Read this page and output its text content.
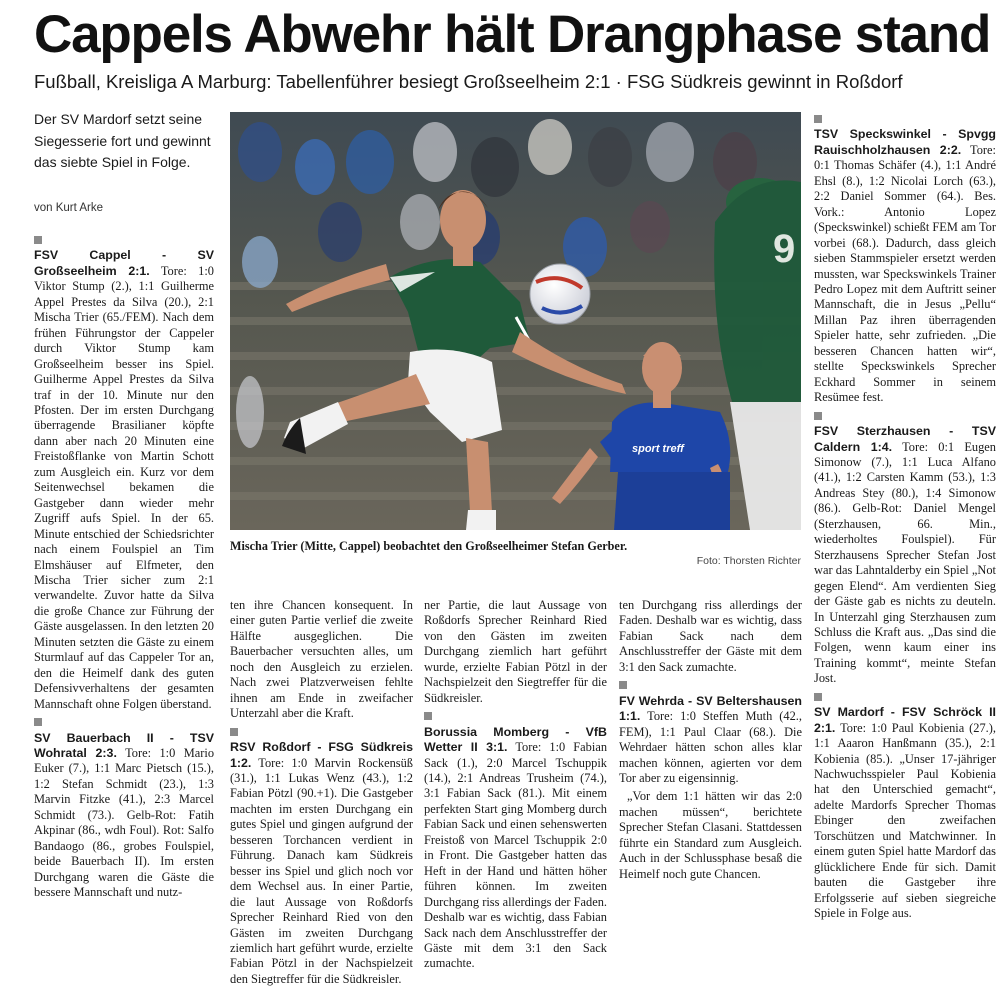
Cappels Abwehr hält Drangphase stand
Fußball, Kreisliga A Marburg: Tabellenführer besiegt Großseelheim 2:1 · FSG Südkreis gewinnt in Roßdorf
Der SV Mardorf setzt seine Siegesserie fort und gewinnt das siebte Spiel in Folge.
von Kurt Arke

FSV Cappel - SV Großseelheim 2:1. Tore: 1:0 Viktor Stump (2.), 1:1 Guilherme Appel Prestes da Silva (20.), 2:1 Mischa Trier (65./FEM). Nach dem frühen Führungstor der Cappeler durch Viktor Stump kam Großseelheim besser ins Spiel. Guilherme Appel Prestes da Silva traf in der 10. Minute nur den Pfosten. Der im ersten Durchgang überragende Brasilianer köpfte dann aber nach 20 Minuten eine Freistoßflanke von Martin Schott zum Ausgleich ein. Kurz vor dem Seitenwechsel bekamen die Gastgeber dann wieder mehr Zugriff aufs Spiel. In der 65. Minute entschied der Schiedsrichter nach einem Foulspiel an Tim Elmshäuser auf Elfmeter, den Mischa Trier sicher zum 2:1 verwandelte. Zuvor hatte da Silva die große Chance zur Führung der Gäste ausgelassen. In den letzten 20 Minuten setzten die Gäste zu einem Sturmlauf auf das Cappeler Tor an, den die Heimelf dank des guten Defensivverhaltens der gesamten Mannschaft ohne Folgen überstand.

SV Bauerbach II - TSV Wohratal 2:3. Tore: 1:0 Mario Euker (7.), 1:1 Marc Pietsch (15.), 1:2 Stefan Schmidt (23.), 1:3 Marvin Fitzke (41.), 2:3 Marcel Schmidt (73.). Gelb-Rot: Fatih Akpinar (86., wdh Foul). Rot: Salfo Bandaogo (86., grobes Foulspiel, beide Bauerbach II). Im ersten Durchgang waren die Gäste die bessere Mannschaft und nutz-

9
sport treff
Mischa Trier (Mitte, Cappel) beobachtet den Großseelheimer Stefan Gerber.
Foto: Thorsten Richter

ten ihre Chancen konsequent. In einer guten Partie verlief die zweite Hälfte ausgeglichen. Die Bauerbacher versuchten alles, um noch den Ausgleich zu erzielen. Nach zwei Platzverweisen fehlte ihnen am Ende in zweifacher Unterzahl aber die Kraft.

RSV Roßdorf - FSG Südkreis 1:2. Tore: 1:0 Marvin Rockensüß (31.), 1:1 Lukas Wenz (43.), 1:2 Fabian Pötzl (90.+1). Die Gastgeber machten im ersten Durchgang ein gutes Spiel und gingen aufgrund der besseren Torchancen verdient in Führung. Danach kam Südkreis besser ins Spiel und glich noch vor dem Wechsel aus. In einer Partie, die laut Aussage von Roßdorfs Sprecher Reinhard Ried von den Gästen im zweiten Durchgang ziemlich hart geführt wurde, erzielte Fabian Pötzl in der Nachspielzeit den Siegtreffer für die Südkreisler.

ner Partie, die laut Aussage von Roßdorfs Sprecher Reinhard Ried von den Gästen im zweiten Durchgang ziemlich hart geführt wurde, erzielte Fabian Pötzl in der Nachspielzeit den Siegtreffer für die Südkreisler.

Borussia Momberg - VfB Wetter II 3:1. Tore: 1:0 Fabian Sack (1.), 2:0 Marcel Tschuppik (14.), 2:1 Andreas Trusheim (74.), 3:1 Fabian Sack (81.). Mit einem perfekten Start ging Momberg durch Fabian Sack und einen sehenswerten Freistoß von Marcel Tschuppik 2:0 in Front. Die Gastgeber hatten das Heft in der Hand und hätten höher führen können. Im zweiten Durchgang riss allerdings der Faden. Deshalb war es wichtig, dass Fabian Sack nach dem Anschlusstreffer der Gäste mit dem 3:1 den Sack zumachte.

ten Durchgang riss allerdings der Faden. Deshalb war es wichtig, dass Fabian Sack nach dem Anschlusstreffer der Gäste mit dem 3:1 den Sack zumachte.

FV Wehrda - SV Beltershausen 1:1. Tore: 1:0 Steffen Muth (42., FEM), 1:1 Paul Claar (68.). Die Wehrdaer hätten schon alles klar machen können, agierten vor dem Tor aber zu eigensinnig.

„Vor dem 1:1 hätten wir das 2:0 machen müssen“, berichtete Sprecher Stefan Clasani. Stattdessen führte ein Standard zum Ausgleich. Auch in der Schlussphase besaß die Heimelf noch gute Chancen.

TSV Speckswinkel - Spvgg Rauischholzhausen 2:2. Tore: 0:1 Thomas Schäfer (4.), 1:1 André Ehsl (8.), 1:2 Nicolai Lorch (63.), 2:2 Daniel Sommer (64.). Bes. Vork.: Antonio Lopez (Speckswinkel) schießt FEM am Tor vorbei (68.). Dadurch, dass gleich sieben Stammspieler ersetzt werden mussten, war Speckswinkels Trainer Pedro Lopez mit dem Auftritt seiner Mannschaft, die in Jesus „Pellu“ Millan Paz ihren überragenden Spieler hatte, sehr zufrieden. „Die besseren Chancen hatten wir“, stellte Speckswinkels Sprecher Eckhard Sommer in seinem Resümee fest.

FSV Sterzhausen - TSV Caldern 1:4. Tore: 0:1 Eugen Simonow (7.), 1:1 Luca Alfano (41.), 1:2 Carsten Kamm (53.), 1:3 Andreas Stey (80.), 1:4 Simonow (86.). Gelb-Rot: Daniel Mengel (Sterzhausen, 66. Min., wiederholtes Foulspiel). Für Sterzhausens Sprecher Stefan Jost war das Lahntalderby ein Spiel „Not gegen Elend“. Am verdienten Sieg der Gäste gab es nichts zu deuteln. In Unterzahl ging Sterzhausen zum Schluss die Kraft aus. „Das sind die Folgen, wenn kaum einer ins Training kommt“, meinte Stefan Jost.

SV Mardorf - FSV Schröck II 2:1. Tore: 1:0 Paul Kobienia (27.), 1:1 Aaaron Hanßmann (35.), 2:1 Kobienia (85.). „Unser 17-jähriger Nachwuchsspieler Paul Kobienia hat den Unterschied gemacht“, adelte Mardorfs Sprecher Thomas Ebinger den zweifachen Torschützen und Matchwinner. In einem guten Spiel hatte Mardorf das glücklichere Ende für sich. Damit bauten die Gastgeber ihre Erfolgsserie auf sieben siegreiche Spiele in Folge aus.
